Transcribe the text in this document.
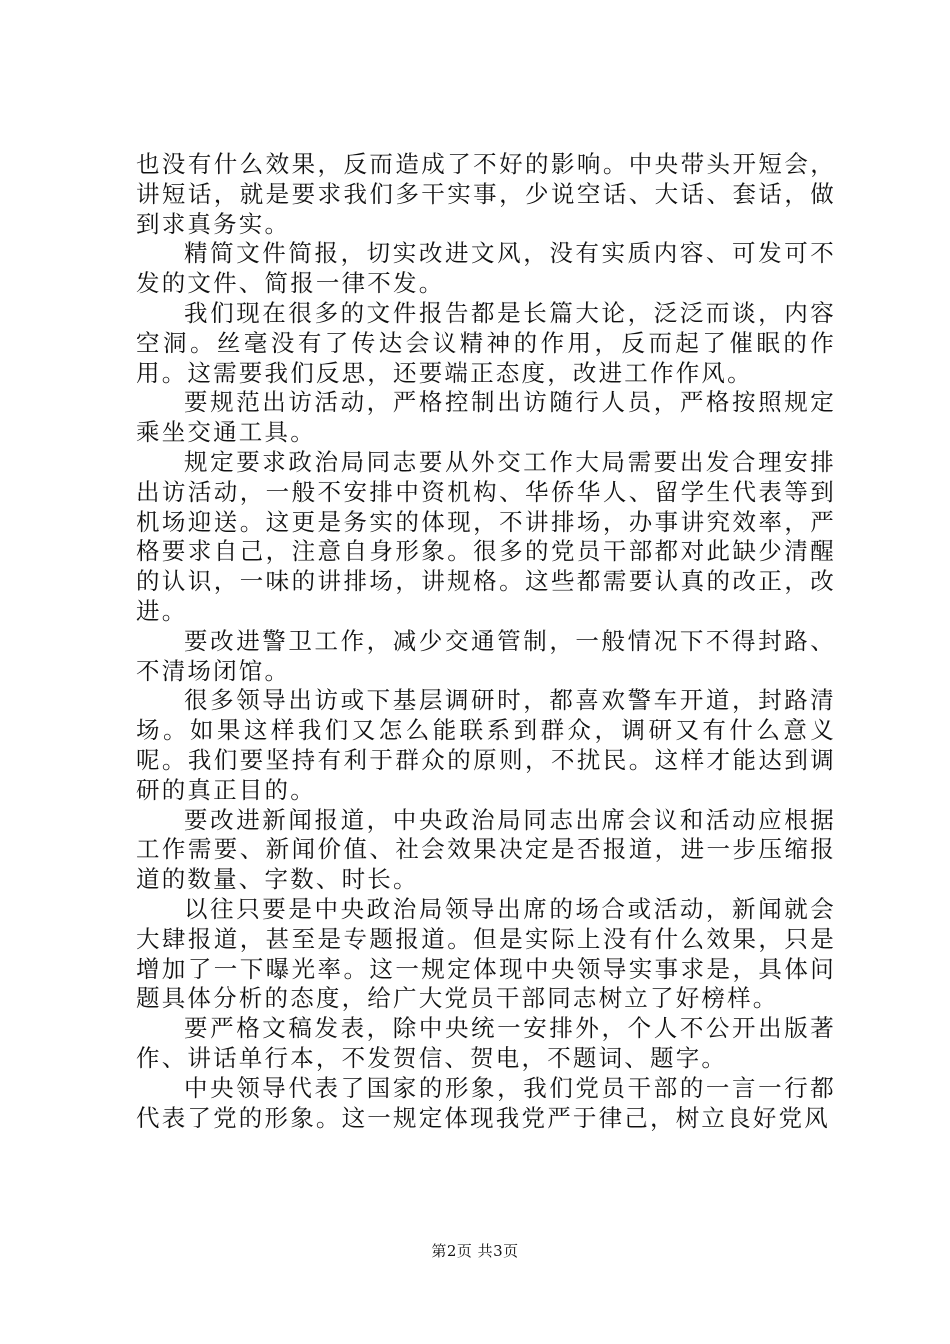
也没有什么效果，反而造成了不好的影响。中央带头开短会，讲短话，就是要求我们多干实事，少说空话、大话、套话，做到求真务实。

精简文件简报，切实改进文风，没有实质内容、可发可不发的文件、简报一律不发。

我们现在很多的文件报告都是长篇大论，泛泛而谈，内容空洞。丝毫没有了传达会议精神的作用，反而起了催眠的作用。这需要我们反思，还要端正态度，改进工作作风。

要规范出访活动，严格控制出访随行人员，严格按照规定乘坐交通工具。

规定要求政治局同志要从外交工作大局需要出发合理安排出访活动，一般不安排中资机构、华侨华人、留学生代表等到机场迎送。这更是务实的体现，不讲排场，办事讲究效率，严格要求自己，注意自身形象。很多的党员干部都对此缺少清醒的认识，一味的讲排场，讲规格。这些都需要认真的改正，改进。

要改进警卫工作，减少交通管制，一般情况下不得封路、不清场闭馆。

很多领导出访或下基层调研时，都喜欢警车开道，封路清场。如果这样我们又怎么能联系到群众，调研又有什么意义呢。我们要坚持有利于群众的原则，不扰民。这样才能达到调研的真正目的。

要改进新闻报道，中央政治局同志出席会议和活动应根据工作需要、新闻价值、社会效果决定是否报道，进一步压缩报道的数量、字数、时长。

以往只要是中央政治局领导出席的场合或活动，新闻就会大肆报道，甚至是专题报道。但是实际上没有什么效果，只是增加了一下曝光率。这一规定体现中央领导实事求是，具体问题具体分析的态度，给广大党员干部同志树立了好榜样。

要严格文稿发表，除中央统一安排外，个人不公开出版著作、讲话单行本，不发贺信、贺电，不题词、题字。

中央领导代表了国家的形象，我们党员干部的一言一行都代表了党的形象。这一规定体现我党严于律己，树立良好党风

第2页 共3页
